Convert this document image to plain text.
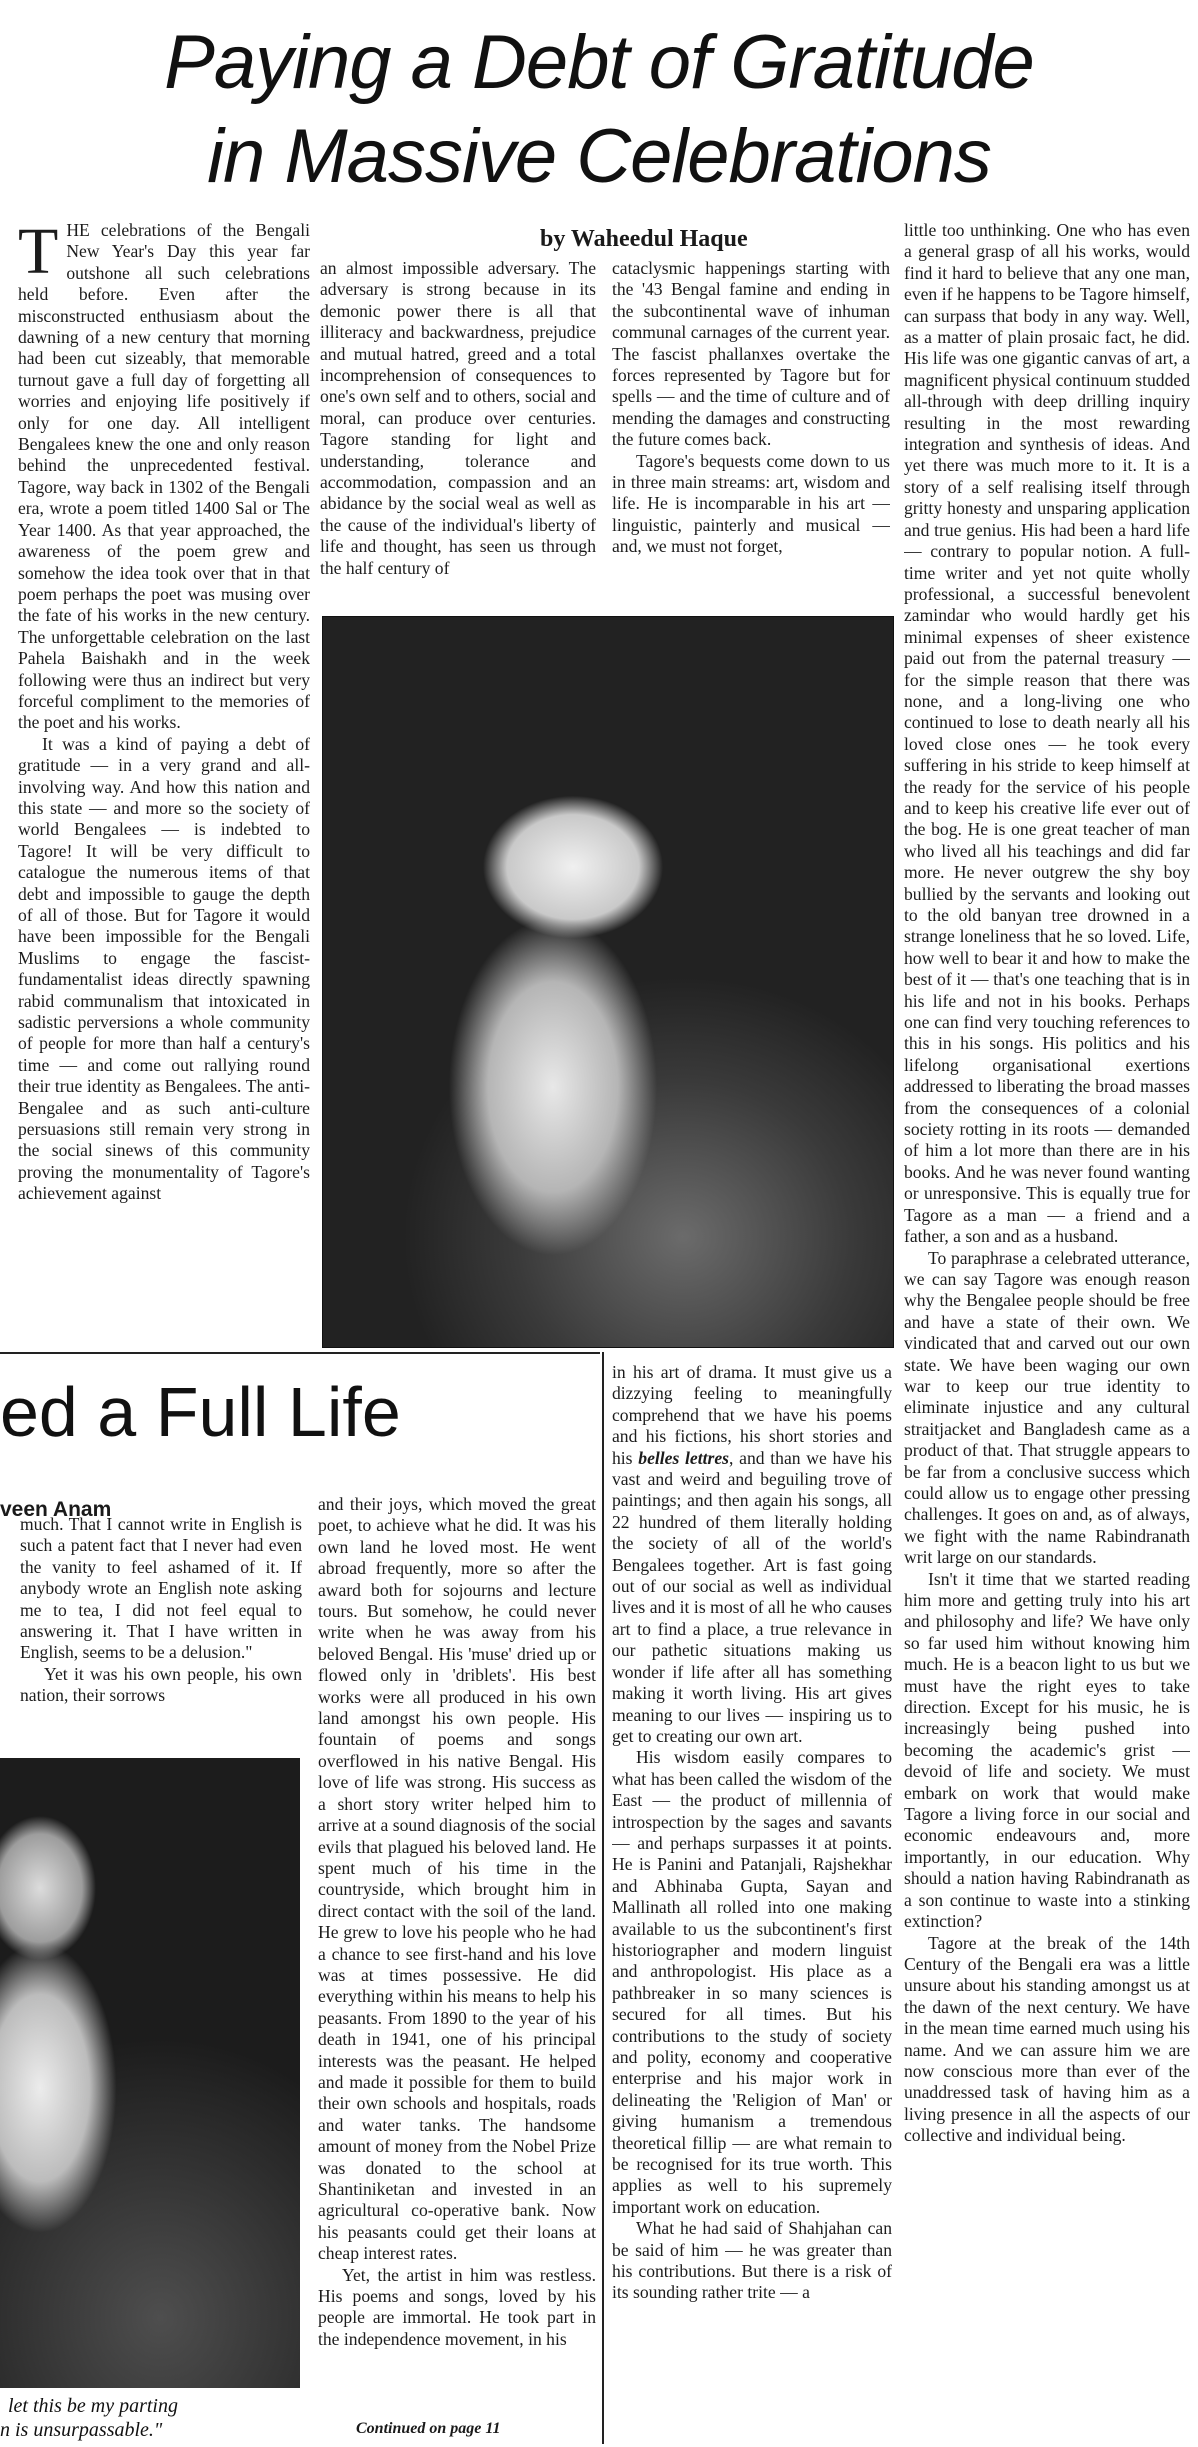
Paying a Debt of Gratitude
in Massive Celebrations
by Waheedul Haque

THE celebrations of the Bengali New Year's Day this year far outshone all such celebrations held before. Even after the misconstructed enthusiasm about the dawning of a new century that morning had been cut sizeably, that memorable turnout gave a full day of forgetting all worries and enjoying life positively if only for one day. All intelligent Bengalees knew the one and only reason behind the unprecedented festival. Tagore, way back in 1302 of the Bengali era, wrote a poem titled 1400 Sal or The Year 1400. As that year approached, the awareness of the poem grew and somehow the idea took over that in that poem perhaps the poet was musing over the fate of his works in the new century. The unforgettable celebration on the last Pahela Baishakh and in the week following were thus an indirect but very forceful compliment to the memories of the poet and his works.

It was a kind of paying a debt of gratitude — in a very grand and all-involving way. And how this nation and this state — and more so the society of world Bengalees — is indebted to Tagore! It will be very difficult to catalogue the numerous items of that debt and impossible to gauge the depth of all of those. But for Tagore it would have been impossible for the Bengali Muslims to engage the fascist-fundamentalist ideas directly spawning rabid communalism that intoxicated in sadistic perversions a whole community of people for more than half a century's time — and come out rallying round their true identity as Bengalees. The anti-Bengalee and as such anti-culture persuasions still remain very strong in the social sinews of this community proving the monumentality of Tagore's achievement against

an almost impossible adversary. The adversary is strong because in its demonic power there is all that illiteracy and backwardness, prejudice and mutual hatred, greed and a total incomprehension of consequences to one's own self and to others, social and moral, can produce over centuries. Tagore standing for light and understanding, tolerance and accommodation, compassion and an abidance by the social weal as well as the cause of the individual's liberty of life and thought, has seen us through the half century of

cataclysmic happenings starting with the '43 Bengal famine and ending in the subcontinental wave of inhuman communal carnages of the current year. The fascist phallanxes overtake the forces represented by Tagore but for spells — and the time of culture and of mending the damages and constructing the future comes back.

Tagore's bequests come down to us in three main streams: art, wisdom and life. He is incomparable in his art — linguistic, painterly and musical — and, we must not forget,

little too unthinking. One who has even a general grasp of all his works, would find it hard to believe that any one man, even if he happens to be Tagore himself, can surpass that body in any way. Well, as a matter of plain prosaic fact, he did. His life was one gigantic canvas of art, a magnificent physical continuum studded all-through with deep drilling inquiry resulting in the most rewarding integration and synthesis of ideas. And yet there was much more to it. It is a story of a self realising itself through gritty honesty and unsparing application and true genius. His had been a hard life — contrary to popular notion. A full-time writer and yet not quite wholly professional, a successful benevolent zamindar who would hardly get his minimal expenses of sheer existence paid out from the paternal treasury — for the simple reason that there was none, and a long-living one who continued to lose to death nearly all his loved close ones — he took every suffering in his stride to keep himself at the ready for the service of his people and to keep his creative life ever out of the bog. He is one great teacher of man who lived all his teachings and did far more. He never outgrew the shy boy bullied by the servants and looking out to the old banyan tree drowned in a strange loneliness that he so loved. Life, how well to bear it and how to make the best of it — that's one teaching that is in his life and not in his books. Perhaps one can find very touching references to this in his songs. His politics and his lifelong organisational exertions addressed to liberating the broad masses from the consequences of a colonial society rotting in its roots — demanded of him a lot more than there are in his books. And he was never found wanting or unresponsive. This is equally true for Tagore as a man — a friend and a father, a son and as a husband.

To paraphrase a celebrated utterance, we can say Tagore was enough reason why the Bengalee people should be free and have a state of their own. We vindicated that and carved out our own state. We have been waging our own war to keep our true identity to eliminate injustice and any cultural straitjacket and Bangladesh came as a product of that. That struggle appears to be far from a conclusive success which could allow us to engage other pressing challenges. It goes on and, as of always, we fight with the name Rabindranath writ large on our standards.

Isn't it time that we started reading him more and getting truly into his art and philosophy and life? We have only so far used him without knowing him much. He is a beacon light to us but we must have the right eyes to take direction. Except for his music, he is increasingly being pushed into becoming the academic's grist — devoid of life and society. We must embark on work that would make Tagore a living force in our social and economic endeavours and, more importantly, in our education. Why should a nation having Rabindranath as a son continue to waste into a stinking extinction?

Tagore at the break of the 14th Century of the Bengali era was a little unsure about his standing amongst us at the dawn of the next century. We have in the mean time earned much using his name. And we can assure him we are now conscious more than ever of the unaddressed task of having him as a living presence in all the aspects of our collective and individual being.

in his art of drama. It must give us a dizzying feeling to meaningfully comprehend that we have his poems and his fictions, his short stories and his belles lettres, and than we have his vast and weird and beguiling trove of paintings; and then again his songs, all 22 hundred of them literally holding the society of all of the world's Bengalees together. Art is fast going out of our social as well as individual lives and it is most of all he who causes art to find a place, a true relevance in our pathetic situations making us wonder if life after all has something making it worth living. His art gives meaning to our lives — inspiring us to get to creating our own art.

His wisdom easily compares to what has been called the wisdom of the East — the product of millennia of introspection by the sages and savants — and perhaps surpasses it at points. He is Panini and Patanjali, Rajshekhar and Abhinaba Gupta, Sayan and Mallinath all rolled into one making available to us the subcontinent's first historiographer and modern linguist and anthropologist. His place as a pathbreaker in so many sciences is secured for all times. But his contributions to the study of society and polity, economy and cooperative enterprise and his major work in delineating the 'Religion of Man' or giving humanism a tremendous theoretical fillip — are what remain to be recognised for its true worth. This applies as well to his supremely important work on education.

What he had said of Shahjahan can be said of him — he was greater than his contributions. But there is a risk of its sounding rather trite — a

ed a Full Life
veen Anam

much. That I cannot write in English is such a patent fact that I never had even the vanity to feel ashamed of it. If anybody wrote an English note asking me to tea, I did not feel equal to answering it. That I have written in English, seems to be a delusion."

Yet it was his own people, his own nation, their sorrows

let this be my parting
n is unsurpassable."

and their joys, which moved the great poet, to achieve what he did. It was his own land he loved most. He went abroad frequently, more so after the award both for sojourns and lecture tours. But somehow, he could never write when he was away from his beloved Bengal. His 'muse' dried up or flowed only in 'driblets'. His best works were all produced in his own land amongst his own people. His fountain of poems and songs overflowed in his native Bengal. His love of life was strong. His success as a short story writer helped him to arrive at a sound diagnosis of the social evils that plagued his beloved land. He spent much of his time in the countryside, which brought him in direct contact with the soil of the land. He grew to love his people who he had a chance to see first-hand and his love was at times possessive. He did everything within his means to help his peasants. From 1890 to the year of his death in 1941, one of his principal interests was the peasant. He helped and made it possible for them to build their own schools and hospitals, roads and water tanks. The handsome amount of money from the Nobel Prize was donated to the school at Shantiniketan and invested in an agricultural co-operative bank. Now his peasants could get their loans at cheap interest rates.

Yet, the artist in him was restless. His poems and songs, loved by his people are immortal. He took part in the independence movement, in his

Continued on page 11
